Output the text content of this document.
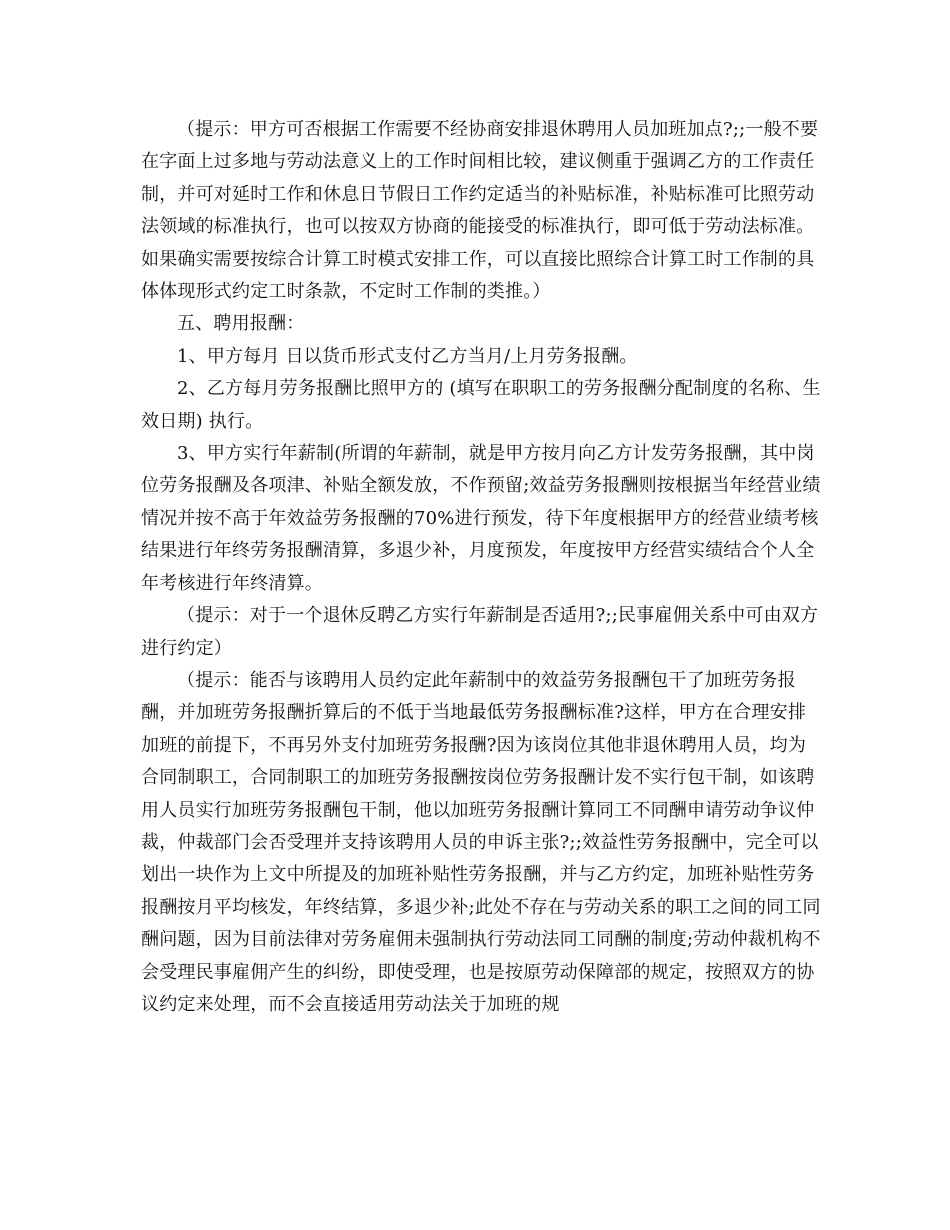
（提示：甲方可否根据工作需要不经协商安排退休聘用人员加班加点?;;一般不要在字面上过多地与劳动法意义上的工作时间相比较，建议侧重于强调乙方的工作责任制，并可对延时工作和休息日节假日工作约定适当的补贴标准，补贴标准可比照劳动法领域的标准执行，也可以按双方协商的能接受的标准执行，即可低于劳动法标准。如果确实需要按综合计算工时模式安排工作，可以直接比照综合计算工时工作制的具体体现形式约定工时条款，不定时工作制的类推。）

五、聘用报酬：

1、甲方每月 日以货币形式支付乙方当月/上月劳务报酬。

2、乙方每月劳务报酬比照甲方的 (填写在职职工的劳务报酬分配制度的名称、生效日期) 执行。

3、甲方实行年薪制(所谓的年薪制，就是甲方按月向乙方计发劳务报酬，其中岗位劳务报酬及各项津、补贴全额发放，不作预留;效益劳务报酬则按根据当年经营业绩情况并按不高于年效益劳务报酬的70%进行预发，待下年度根据甲方的经营业绩考核结果进行年终劳务报酬清算，多退少补，月度预发，年度按甲方经营实绩结合个人全年考核进行年终清算。

（提示：对于一个退休反聘乙方实行年薪制是否适用?;;民事雇佣关系中可由双方进行约定）

（提示：能否与该聘用人员约定此年薪制中的效益劳务报酬包干了加班劳务报酬，并加班劳务报酬折算后的不低于当地最低劳务报酬标准?这样，甲方在合理安排加班的前提下，不再另外支付加班劳务报酬?因为该岗位其他非退休聘用人员，均为合同制职工，合同制职工的加班劳务报酬按岗位劳务报酬计发不实行包干制，如该聘用人员实行加班劳务报酬包干制，他以加班劳务报酬计算同工不同酬申请劳动争议仲裁，仲裁部门会否受理并支持该聘用人员的申诉主张?;;效益性劳务报酬中，完全可以划出一块作为上文中所提及的加班补贴性劳务报酬，并与乙方约定，加班补贴性劳务报酬按月平均核发，年终结算，多退少补;此处不存在与劳动关系的职工之间的同工同酬问题，因为目前法律对劳务雇佣未强制执行劳动法同工同酬的制度;劳动仲裁机构不会受理民事雇佣产生的纠纷，即使受理，也是按原劳动保障部的规定，按照双方的协议约定来处理，而不会直接适用劳动法关于加班的规
